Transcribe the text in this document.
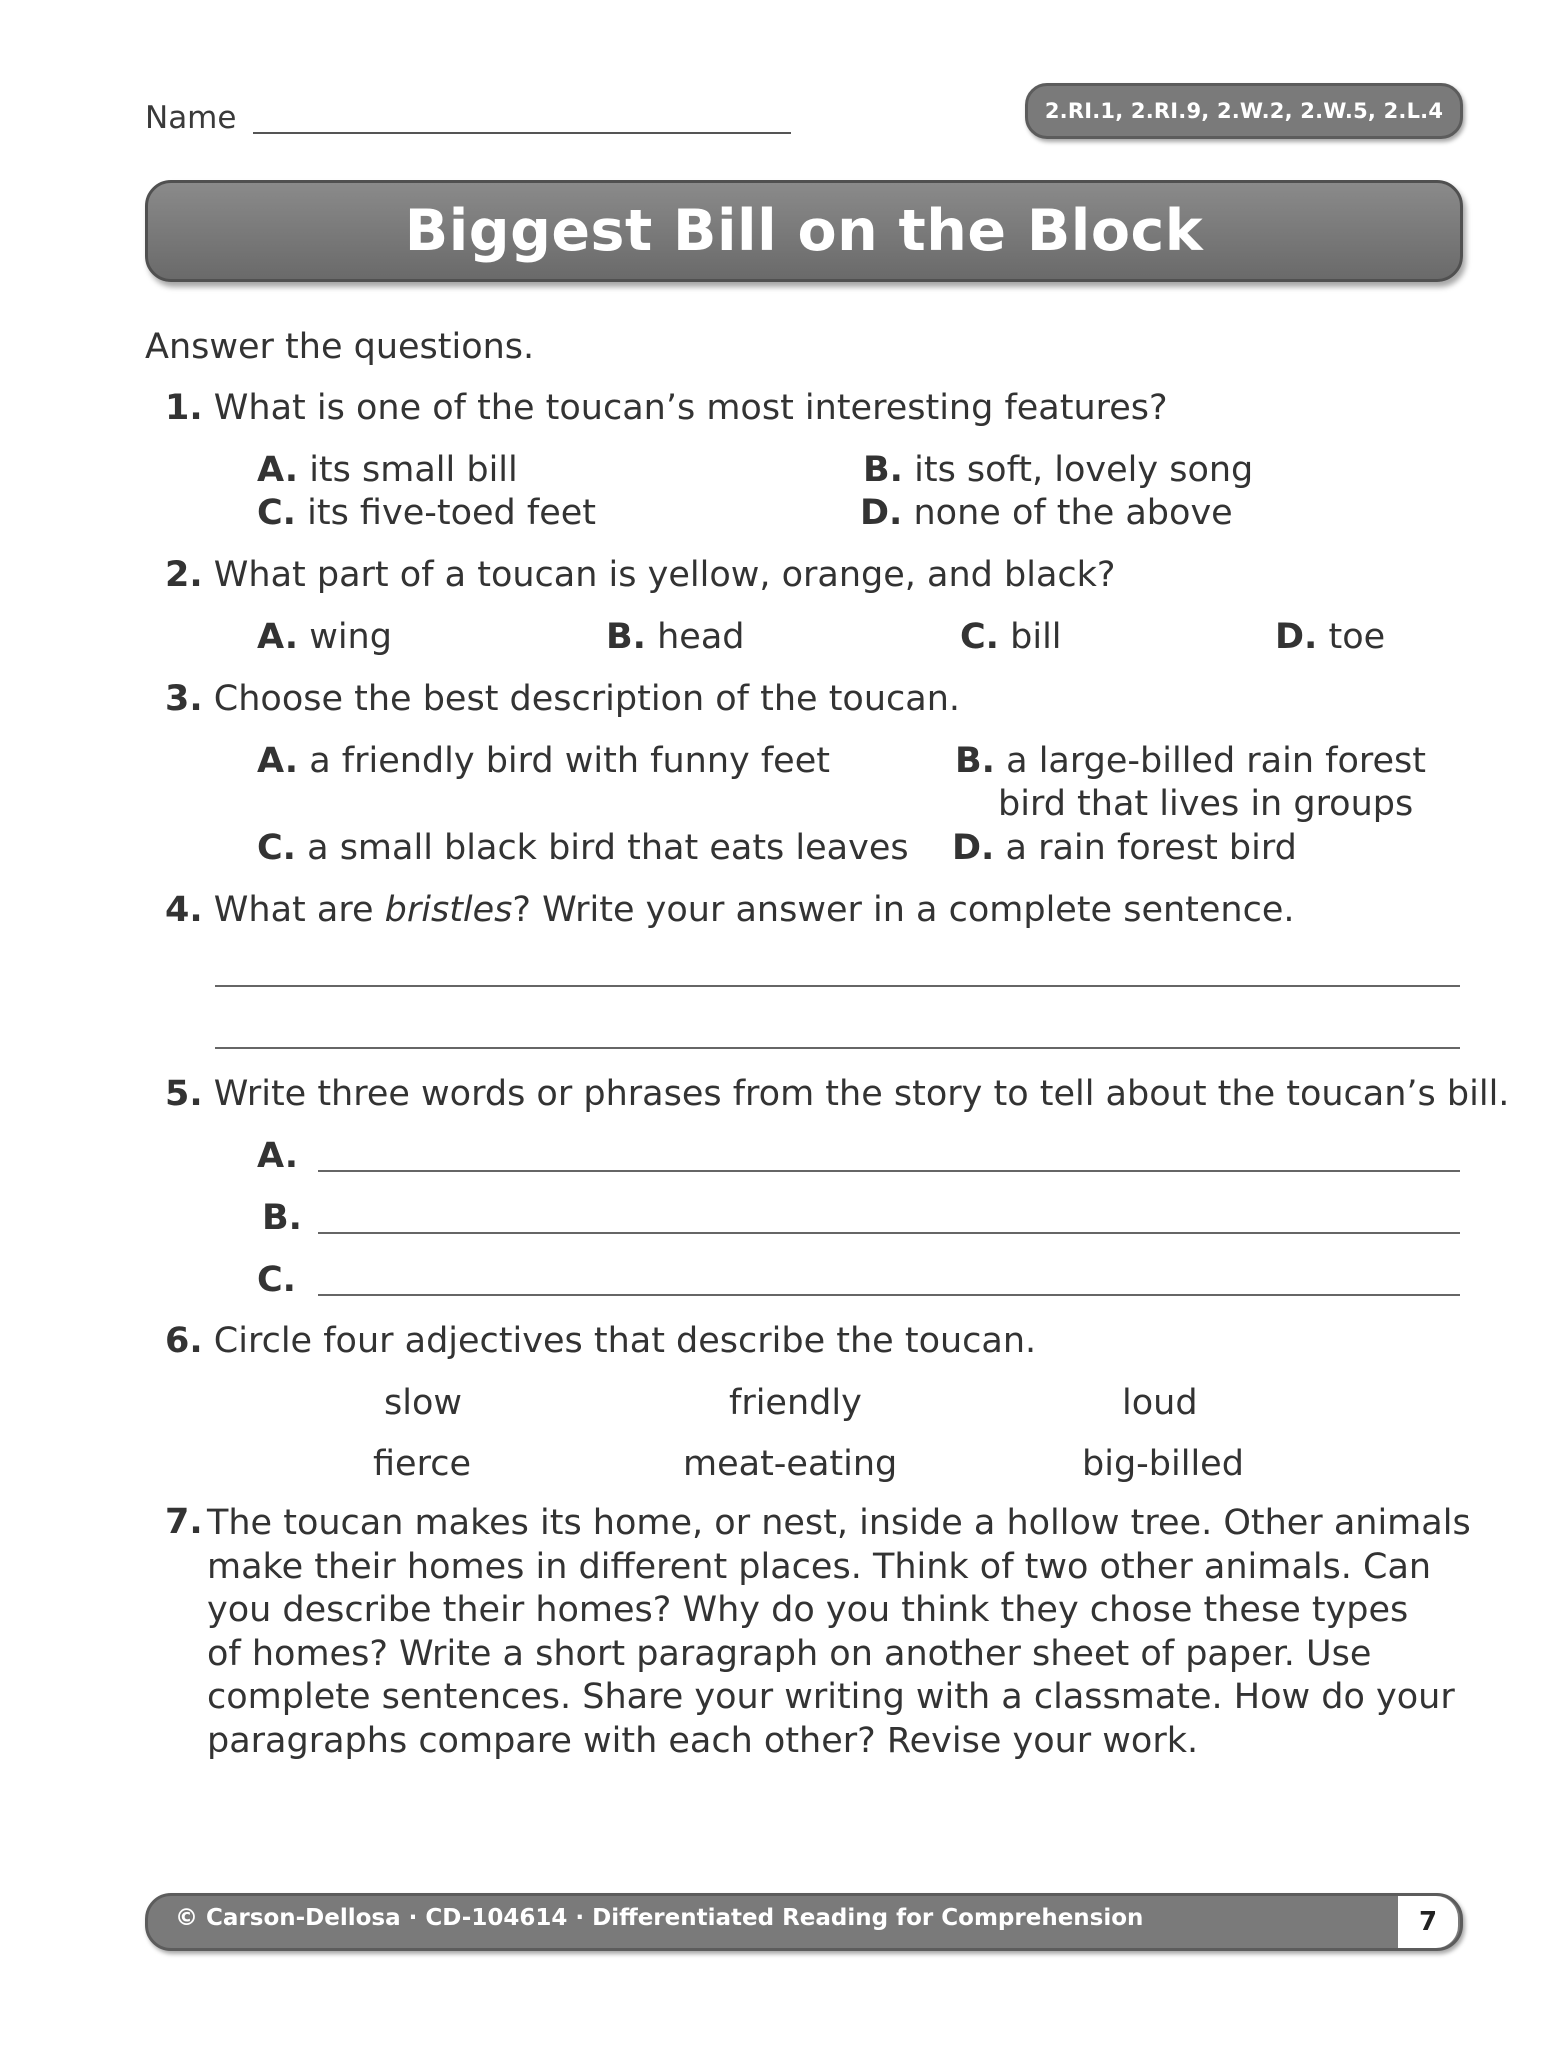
Name	2.RI.1, 2.RI.9, 2.W.2, 2.W.5, 2.L.4
Biggest Bill on the Block
Answer the questions.
1. What is one of the toucan’s most interesting features?
A. its small bill	B. its soft, lovely song
C. its five-toed feet	D. none of the above
2. What part of a toucan is yellow, orange, and black?
A. wing	B. head	C. bill	D. toe
3. Choose the best description of the toucan.
A. a friendly bird with funny feet	B. a large-billed rain forest
bird that lives in groups
C. a small black bird that eats leaves D. a rain forest bird
4. What are bristles? Write your answer in a complete sentence.
5. Write three words or phrases from the story to tell about the toucan’s bill.
A.
B.
C.
6. Circle four adjectives that describe the toucan.
slow	friendly	loud
fierce	meat-eating	big-billed
7. The toucan makes its home, or nest, inside a hollow tree. Other animals
make their homes in different places. Think of two other animals. Can
you describe their homes? Why do you think they chose these types
of homes? Write a short paragraph on another sheet of paper. Use
complete sentences. Share your writing with a classmate. How do your
paragraphs compare with each other? Revise your work.
© Carson-Dellosa · CD-104614 · Differentiated Reading for Comprehension	7
